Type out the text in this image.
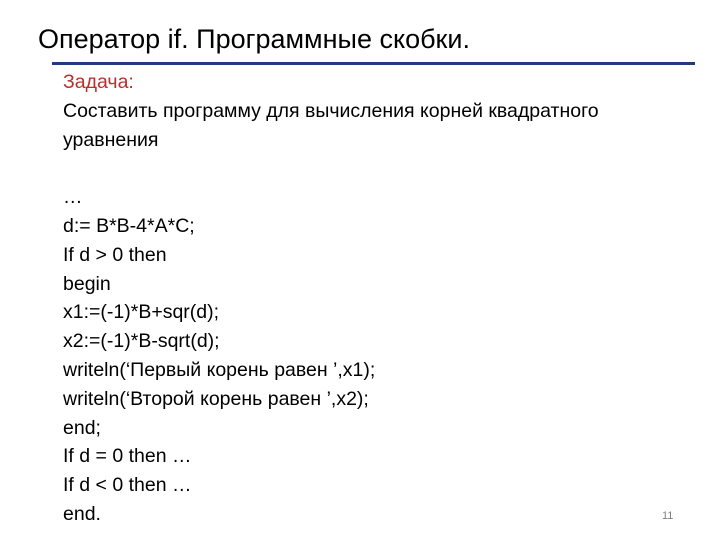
Оператор if. Программные скобки.
Задача:
Составить программу для вычисления корней квадратного
уравнения
…
d:= B*B-4*A*C;
If d > 0 then
begin
x1:=(-1)*B+sqr(d);
x2:=(-1)*B-sqrt(d);
writeln(‘Первый корень равен ’,x1);
writeln(‘Второй корень равен ’,x2);
end;
If d = 0 then …
If d < 0 then …
end.	11
